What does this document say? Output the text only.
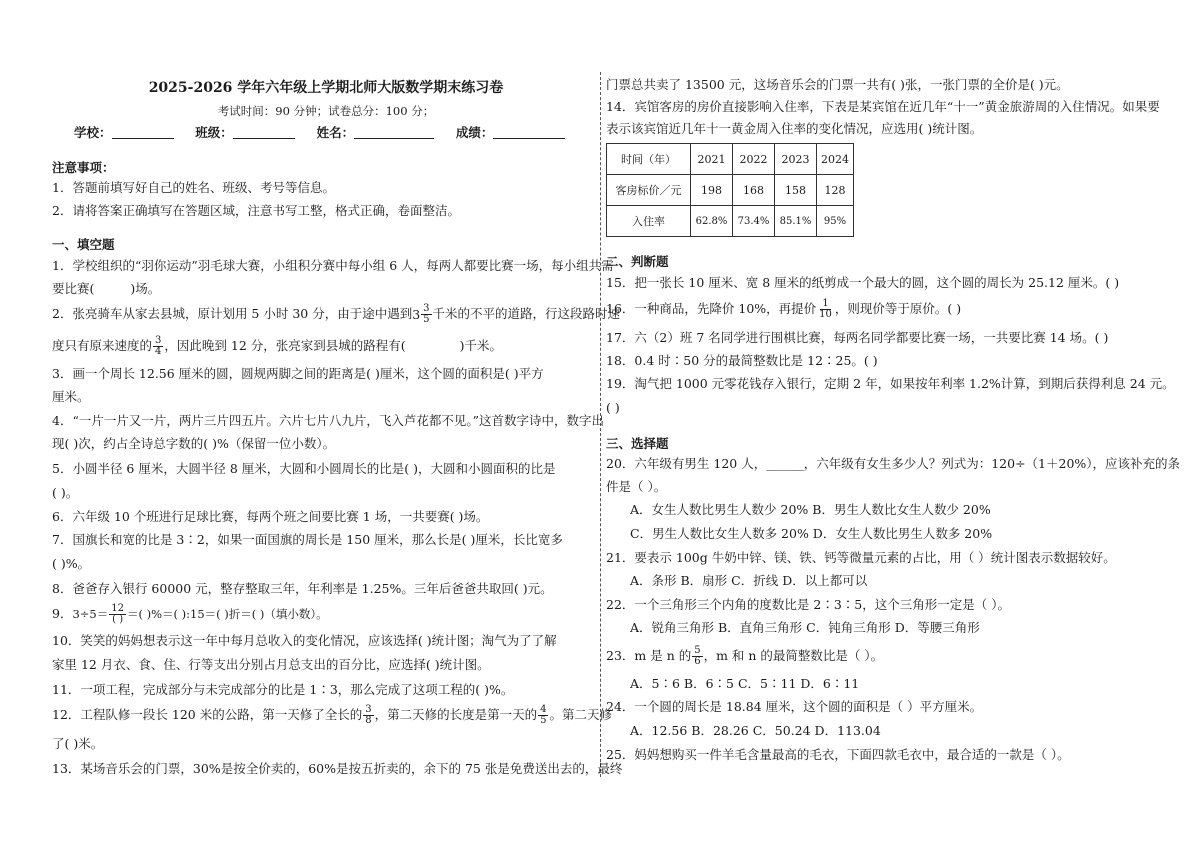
2025-2026 学年六年级上学期北师大版数学期末练习卷
考试时间：90 分钟；试卷总分：100 分；
学校：	班级：	姓名：	成绩：
注意事项：
1．答题前填写好自己的姓名、班级、考号等信息。
2．请将答案正确填写在答题区域，注意书写工整，格式正确，卷面整洁。
一、填空题
1．学校组织的“羽你运动”羽毛球大赛，小组积分赛中每小组 6 人，每两人都要比赛一场，每小组共需
要比赛(	)场。
2．张亮骑车从家去县城，原计划用 5 小时 30 分，由于途中遇到 $3 \frac{3}{5}$ 千米的不平的道路，行这段路时速
度只有原来速度的 $\frac{3}{4}$ ，因此晚到 12 分，张亮家到县城的路程有(	)千米。
3．画一个周长 12.56 厘米的圆，圆规两脚之间的距离是( )厘米，这个圆的面积是( )平方
厘米。
4．“一片一片又一片，两片三片四五片。六片七片八九片，飞入芦花都不见。”这首数字诗中，数字出
现( )次，约占全诗总字数的( )%（保留一位小数）。
5．小圆半径 6 厘米，大圆半径 8 厘米，大圆和小圆周长的比是( )，大圆和小圆面积的比是
( )。
6．六年级 10 个班进行足球比赛，每两个班之间要比赛 1 场，一共要赛( )场。
7．国旗长和宽的比是 3∶2，如果一面国旗的周长是 150 厘米，那么长是( )厘米，长比宽多
( )%。
8．爸爸存入银行 60000 元，整存整取三年，年利率是 1.25%。三年后爸爸共取回( )元。
9．$3\div 5= \frac{12}{( )}$ ＝( )%＝( ):15＝( )折＝( )（填小数）。
10．笑笑的妈妈想表示这一年中每月总收入的变化情况，应该选择( )统计图；淘气为了了解
家里 12 月衣、食、住、行等支出分别占月总支出的百分比，应选择( )统计图。
11．一项工程，完成部分与未完成部分的比是 1∶3，那么完成了这项工程的( )%。
12．工程队修一段长 120 米的公路，第一天修了全长的 $\frac{3}{8}$ ，第二天修的长度是第一天的 $\frac{4}{5}$ 。第二天修
了( )米。
13．某场音乐会的门票，30%是按全价卖的，60%是按五折卖的，余下的 75 张是免费送出去的，最终
门票总共卖了 13500 元，这场音乐会的门票一共有( )张，一张门票的全价是( )元。
14．宾馆客房的房价直接影响入住率，下表是某宾馆在近几年“十一”黄金旅游周的入住情况。如果要
表示该宾馆近几年十一黄金周入住率的变化情况，应选用( )统计图。
时间（年）	2021	2022	2023	2024
客房标价／元	198	168	158	128
入住率	62.8%	73.4%	85.1%	95%
二、判断题
15．把一张长 10 厘米、宽 8 厘米的纸剪成一个最大的圆，这个圆的周长为 25.12 厘米。( )
16．一种商品，先降价 10%，再提价 $\frac{1}{10}$ ，则现价等于原价。( )
17．六（2）班 7 名同学进行围棋比赛，每两名同学都要比赛一场，一共要比赛 14 场。( )
18．0.4 时∶50 分的最简整数比是 12∶25。( )
19．淘气把 1000 元零花钱存入银行，定期 2 年，如果按年利率 1.2%计算，到期后获得利息 24 元。
( )
三、选择题
20．六年级有男生 120 人，______，六年级有女生多少人？列式为：120÷（1＋20%），应该补充的条
件是（ ）。
A．女生人数比男生人数少 20% B．男生人数比女生人数少 20%
C．男生人数比女生人数多 20% D．女生人数比男生人数多 20%
21．要表示 100g 牛奶中锌、镁、铁、钙等微量元素的占比，用（ ）统计图表示数据较好。
A．条形 B．扇形 C．折线 D．以上都可以
22．一个三角形三个内角的度数比是 2∶3∶5，这个三角形一定是（ ）。
A．锐角三角形 B．直角三角形 C．钝角三角形 D．等腰三角形
23．m 是 n 的 $\frac{5}{6}$ ，m 和 n 的最简整数比是（ ）。
A．5∶6 B．6∶5 C．5∶11 D．6∶11
24．一个圆的周长是 18.84 厘米，这个圆的面积是（ ）平方厘米。
A．12.56 B．28.26 C．50.24 D．113.04
25．妈妈想购买一件羊毛含量最高的毛衣，下面四款毛衣中，最合适的一款是（ ）。
